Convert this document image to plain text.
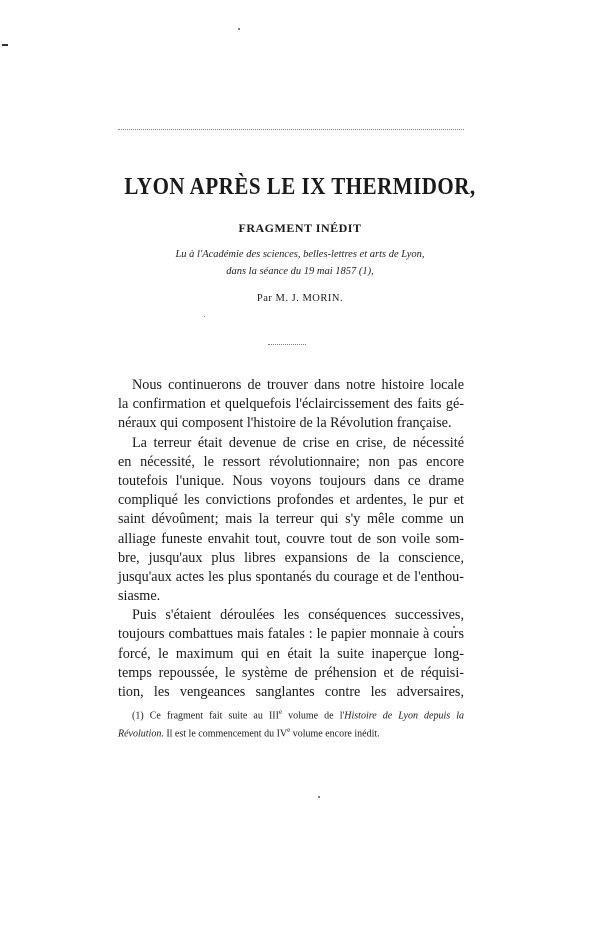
LYON APRÈS LE IX THERMIDOR,
FRAGMENT INÉDIT
Lu à l'Académie des sciences, belles-lettres et arts de Lyon,
dans la séance du 19 mai 1857 (1),
Par M. J. MORIN.
Nous continuerons de trouver dans notre histoire locale
la confirmation et quelquefois l'éclaircissement des faits gé-
néraux qui composent l'histoire de la Révolution française.
La terreur était devenue de crise en crise, de nécessité
en nécessité, le ressort révolutionnaire; non pas encore
toutefois l'unique. Nous voyons toujours dans ce drame
compliqué les convictions profondes et ardentes, le pur et
saint dévoûment; mais la terreur qui s'y mêle comme un
alliage funeste envahit tout, couvre tout de son voile som-
bre, jusqu'aux plus libres expansions de la conscience,
jusqu'aux actes les plus spontanés du courage et de l'enthou-
siasme.
Puis s'étaient déroulées les conséquences successives,
toujours combattues mais fatales : le papier monnaie à cours
forcé, le maximum qui en était la suite inaperçue long-
temps repoussée, le système de préhension et de réquisi-
tion, les vengeances sanglantes contre les adversaires,
(1) Ce fragment fait suite au IIIe volume de l'Histoire de Lyon depuis la
Révolution. Il est le commencement du IVe volume encore inédit.
